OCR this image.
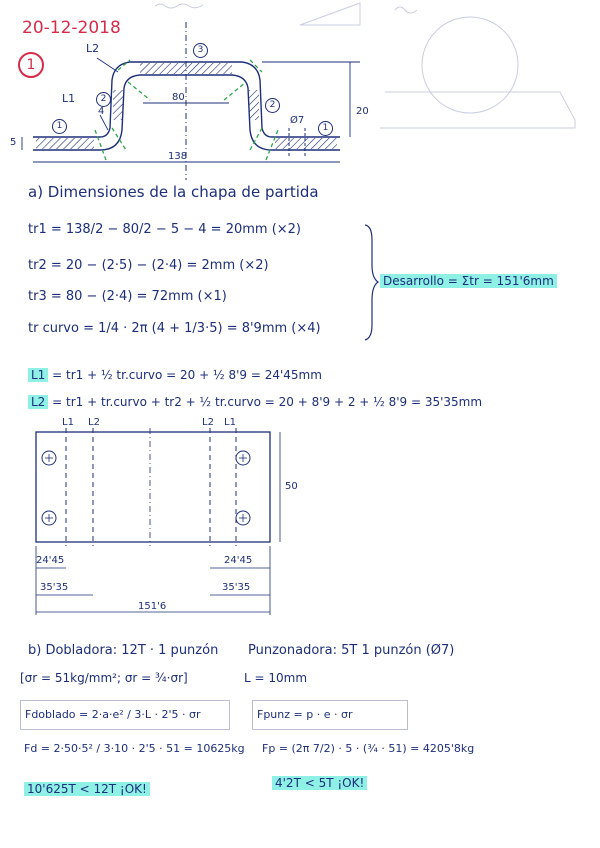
20-12-2018
1
L2
L1
4
5
1
2
3
2
1
80
20
Ø7
138
a) Dimensiones de la chapa de partida
tr1 = 138/2 − 80/2 − 5 − 4 = 20mm (×2)
tr2 = 20 − (2·5) − (2·4) = 2mm (×2)
tr3 = 80 − (2·4) = 72mm (×1)
tr curvo = 1/4 · 2π (4 + 1/3·5) = 8'9mm (×4)
Desarrollo = Σtr = 151'6mm
L1 = tr1 + ½ tr.curvo = 20 + ½ 8'9 = 24'45mm
L2 = tr1 + tr.curvo + tr2 + ½ tr.curvo = 20 + 8'9 + 2 + ½ 8'9 = 35'35mm
L1 L2	L2 L1
50
24'45
35'35
24'45
35'35
151'6
b) Dobladora: 12T · 1 punzón Punzonadora: 5T 1 punzón (Ø7)
[σr = 51kg/mm²; σr = ¾·σr]	L = 10mm
Fdoblado = 2·a·e² / 3·L · 2'5 · σr	Fpunz = p · e · σr
Fd = 2·50·5² / 3·10 · 2'5 · 51 = 10625kg Fp = (2π 7/2) · 5 · (¾ · 51) = 4205'8kg
10'625T < 12T ¡OK!	4'2T < 5T ¡OK!
